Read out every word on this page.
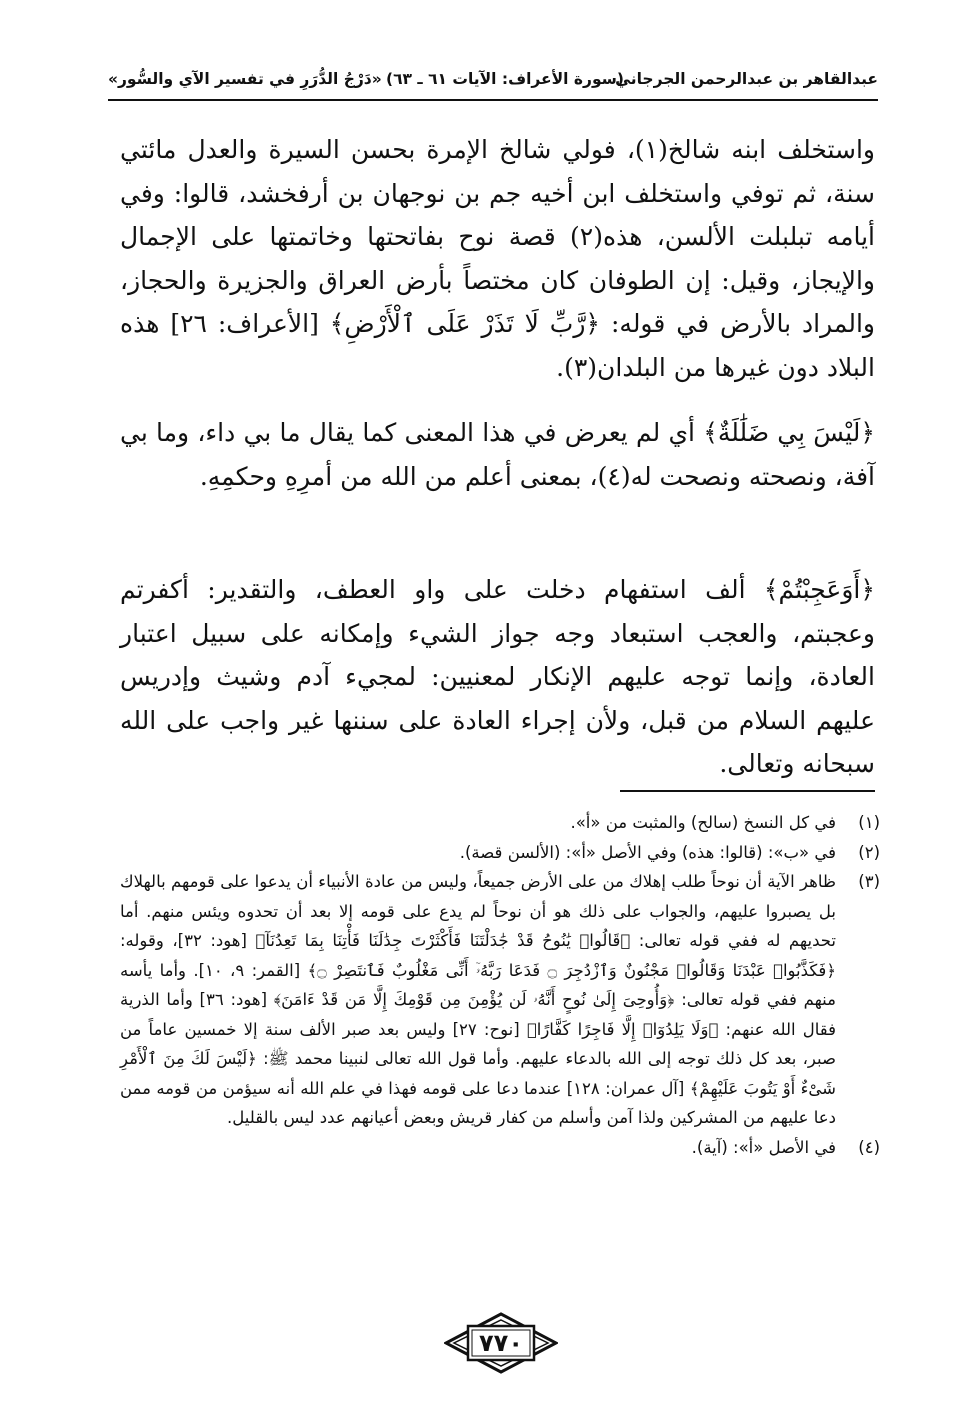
عبدالقاهر بن عبدالرحمن الجرجاني
(سورة الأعراف: الآيات ٦١ ـ ٦٣)
«دَرْجُ الدُّرَرِ في تفسير الآي والسُّور»

واستخلف ابنه شالخ(١)، فولي شالخ الإمرة بحسن السيرة والعدل مائتي سنة، ثم توفي واستخلف ابن أخيه جم بن نوجهان بن أرفخشد، قالوا: وفي أيامه تبلبلت الألسن، هذه(٢) قصة نوح بفاتحتها وخاتمتها على الإجمال والإيجاز، وقيل: إن الطوفان كان مختصاً بأرض العراق والجزيرة والحجاز، والمراد بالأرض في قوله: ﴿رَّبِّ لَا تَذَرْ عَلَى ٱلْأَرْضِ﴾ [الأعراف: ٢٦] هذه البلاد دون غيرها من البلدان(٣).

﴿لَيْسَ بِي ضَلَٰلَةٌ﴾ أي لم يعرض في هذا المعنى كما يقال ما بي داء، وما بي آفة، ونصحته ونصحت له(٤)، بمعنى أعلم من الله من أمرِهِ وحكمِهِ.

﴿أَوَعَجِبْتُمْ﴾ ألف استفهام دخلت على واو العطف، والتقدير: أكفرتم وعجبتم، والعجب استبعاد وجه جواز الشيء وإمكانه على سبيل اعتبار العادة، وإنما توجه عليهم الإنكار لمعنيين: لمجيء آدم وشيث وإدريس عليهم السلام من قبل، ولأن إجراء العادة على سننها غير واجب على الله سبحانه وتعالى.

(١)
في كل النسخ (سالح) والمثبت من «أ».

(٢)
في «ب»: (قالوا: هذه) وفي الأصل «أ»: (الألسن قصة).

(٣)
ظاهر الآية أن نوحاً طلب إهلاك من على الأرض جميعاً، وليس من عادة الأنبياء أن يدعوا على قومهم بالهلاك بل يصبروا عليهم، والجواب على ذلك هو أن نوحاً لم يدع على قومه إلا بعد أن تحدوه ويئس منهم. أما تحديهم له ففي قوله تعالى: ﴿قَالُوا۟ يَٰنُوحُ قَدْ جَٰدَلْتَنَا فَأَكْثَرْتَ جِدَٰلَنَا فَأْتِنَا بِمَا تَعِدُنَآ﴾ [هود: ٣٢]، وقوله: ﴿فَكَذَّبُوا۟ عَبْدَنَا وَقَالُوا۟ مَجْنُونٌ وَٱزْدُجِرَ ۝ فَدَعَا رَبَّهُۥٓ أَنِّى مَغْلُوبٌ فَٱنتَصِرْ ۝﴾ [القمر: ٩، ١٠]. وأما يأسه منهم ففي قوله تعالى: ﴿وَأُوحِىَ إِلَىٰ نُوحٍ أَنَّهُۥ لَن يُؤْمِنَ مِن قَوْمِكَ إِلَّا مَن قَدْ ءَامَنَ﴾ [هود: ٣٦] وأما الذرية فقال الله عنهم: ﴿وَلَا يَلِدُوٓا۟ إِلَّا فَاجِرًا كَفَّارًا﴾ [نوح: ٢٧] وليس بعد صبر الألف سنة إلا خمسين عاماً من صبر، بعد كل ذلك توجه إلى الله بالدعاء عليهم. وأما قول الله تعالى لنبينا محمد ﷺ: ﴿لَيْسَ لَكَ مِنَ ٱلْأَمْرِ شَىْءٌ أَوْ يَتُوبَ عَلَيْهِمْ﴾ [آل عمران: ١٢٨] عندما دعا على قومه فهذا في علم الله أنه سيؤمن من قومه ممن دعا عليهم من المشركين ولذا آمن وأسلم من كفار قريش وبعض أعيانهم عدد ليس بالقليل.

(٤)
في الأصل «أ»: (آية).

٧٧٠
